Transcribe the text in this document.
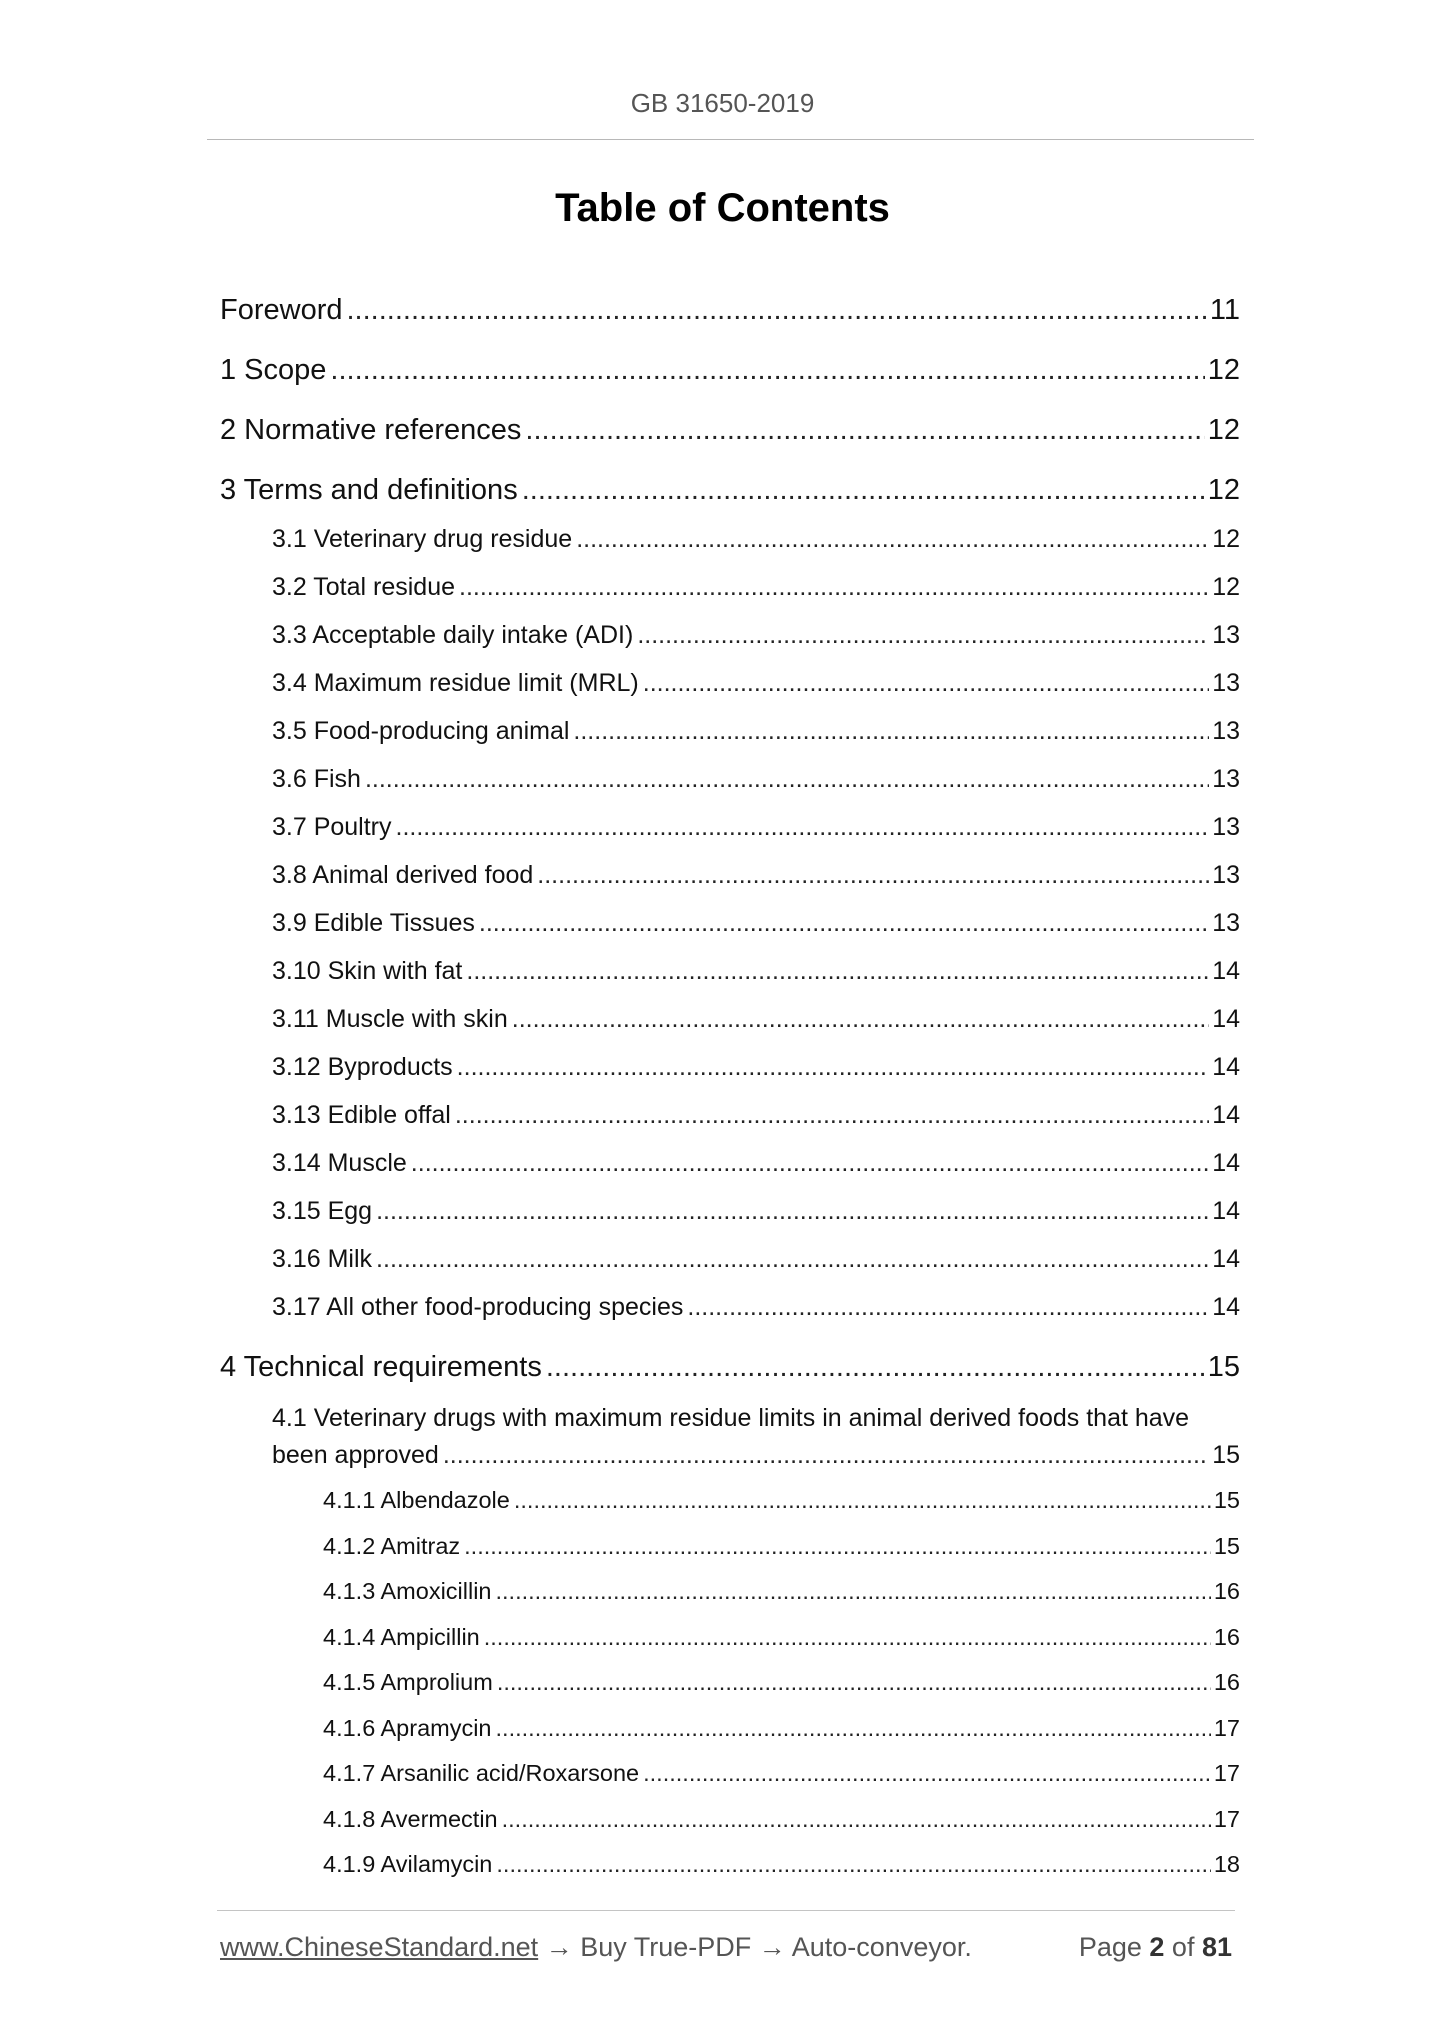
GB 31650-2019
Table of Contents
Foreword .....	11
1 Scope .....	12
2 Normative references .....	12
3 Terms and definitions .....	12
3.1 Veterinary drug residue .....	12
3.2 Total residue .....	12
3.3 Acceptable daily intake (ADI) .....	13
3.4 Maximum residue limit (MRL) .....	13
3.5 Food-producing animal .....	13
3.6 Fish .....	13
3.7 Poultry .....	13
3.8 Animal derived food .....	13
3.9 Edible Tissues .....	13
3.10 Skin with fat .....	14
3.11 Muscle with skin .....	14
3.12 Byproducts .....	14
3.13 Edible offal .....	14
3.14 Muscle .....	14
3.15 Egg .....	14
3.16 Milk .....	14
3.17 All other food-producing species .....	14
4 Technical requirements .....	15
4.1 Veterinary drugs with maximum residue limits in animal derived foods that have
been approved .....	15
4.1.1 Albendazole .....	15
4.1.2 Amitraz .....	15
4.1.3 Amoxicillin .....	16
4.1.4 Ampicillin .....	16
4.1.5 Amprolium .....	16
4.1.6 Apramycin .....	17
4.1.7 Arsanilic acid/Roxarsone .....	17
4.1.8 Avermectin .....	17
4.1.9 Avilamycin .....	18
www.ChineseStandard.net → Buy True-PDF → Auto-conveyor.	Page 2 of 81
